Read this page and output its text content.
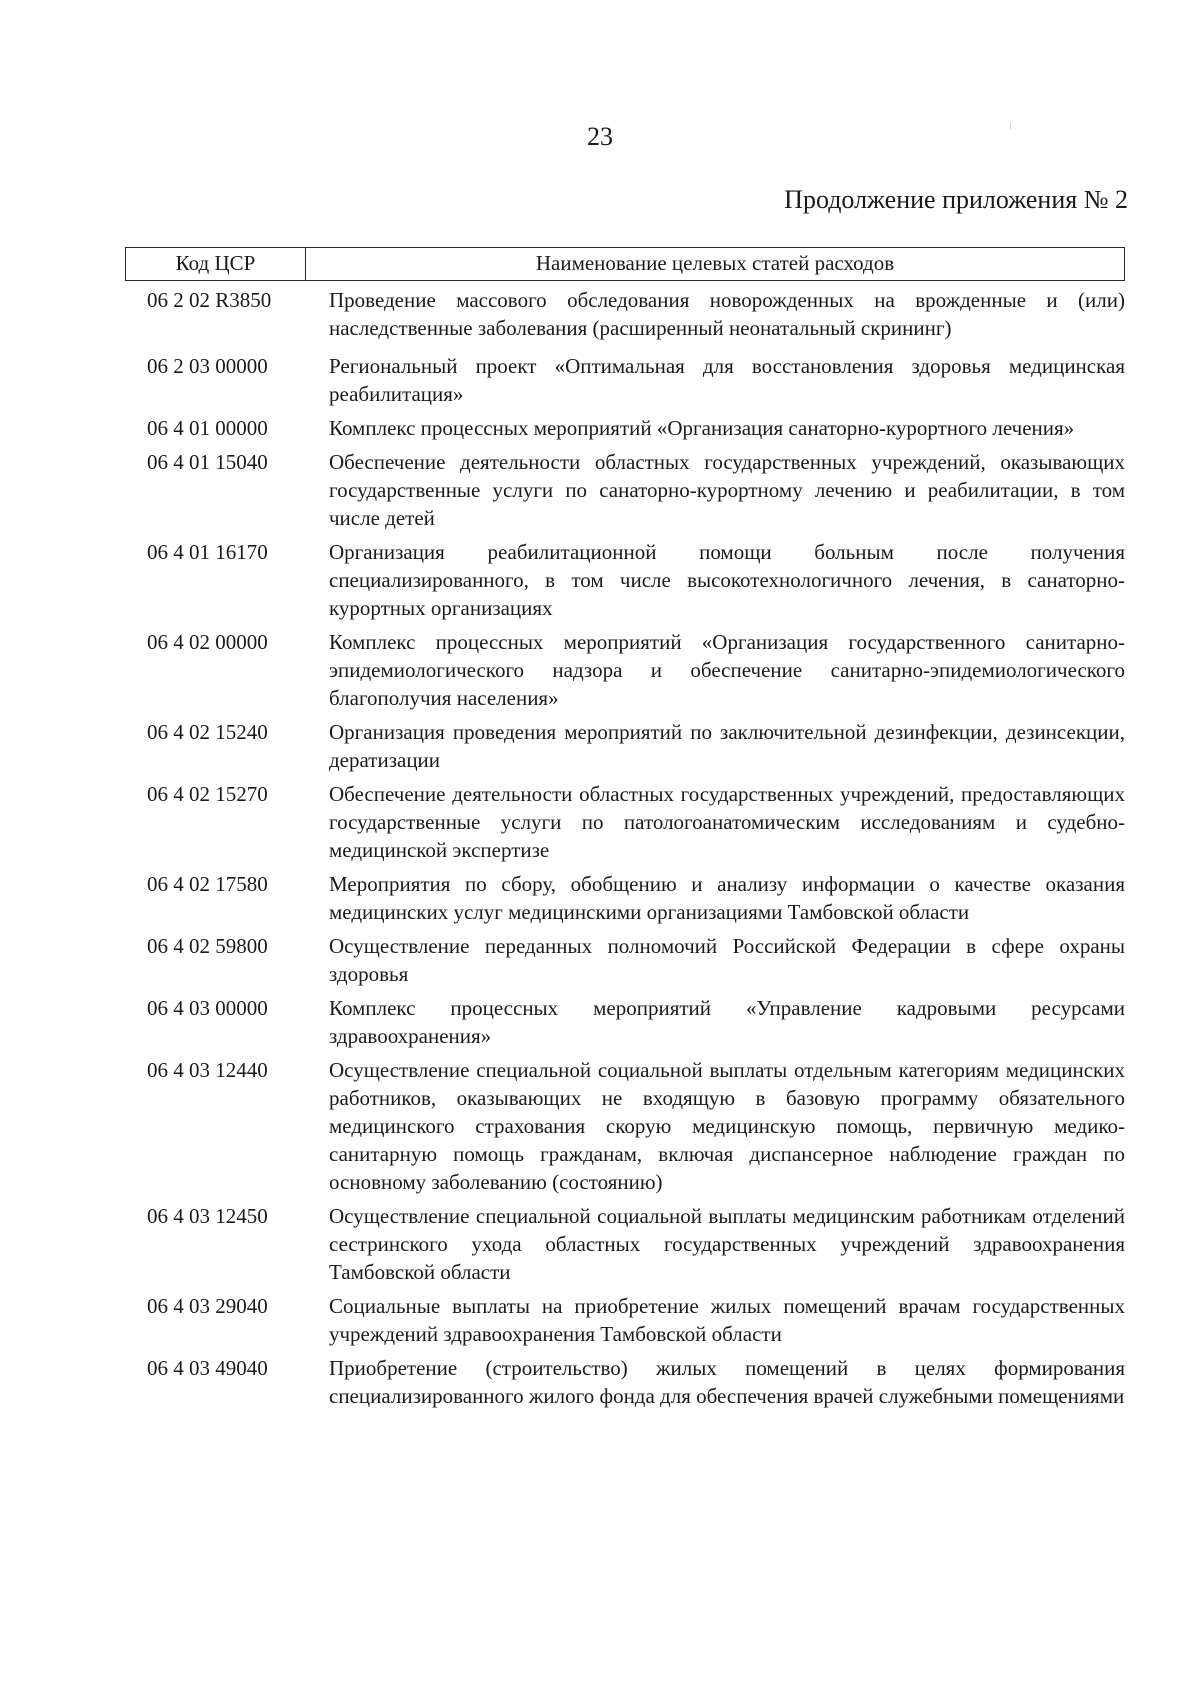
23
Продолжение приложения № 2
Код ЦСР	Наименование целевых статей расходов
06 2 02 R3850	Проведение массового обследования новорожденных на врожденные и (или) наследственные заболевания (расширенный неонатальный скрининг)
06 2 03 00000	Региональный проект «Оптимальная для восстановления здоровья медицинская реабилитация»
06 4 01 00000	Комплекс процессных мероприятий «Организация санаторно-курортного лечения»
06 4 01 15040	Обеспечение деятельности областных государственных учреждений, оказывающих государственные услуги по санаторно-курортному лечению и реабилитации, в том числе детей
06 4 01 16170	Организация реабилитационной помощи больным после получения специализированного, в том числе высокотехнологичного лечения, в санаторно-курортных организациях
06 4 02 00000	Комплекс процессных мероприятий «Организация государственного санитарно-эпидемиологического надзора и обеспечение санитарно-эпидемиологического благополучия населения»
06 4 02 15240	Организация проведения мероприятий по заключительной дезинфекции, дезинсекции, дератизации
06 4 02 15270	Обеспечение деятельности областных государственных учреждений, предоставляющих государственные услуги по патологоанатомическим исследованиям и судебно-медицинской экспертизе
06 4 02 17580	Мероприятия по сбору, обобщению и анализу информации о качестве оказания медицинских услуг медицинскими организациями Тамбовской области
06 4 02 59800	Осуществление переданных полномочий Российской Федерации в сфере охраны здоровья
06 4 03 00000	Комплекс процессных мероприятий «Управление кадровыми ресурсами здравоохранения»
06 4 03 12440	Осуществление специальной социальной выплаты отдельным категориям медицинских работников, оказывающих не входящую в базовую программу обязательного медицинского страхования скорую медицинскую помощь, первичную медико-санитарную помощь гражданам, включая диспансерное наблюдение граждан по основному заболеванию (состоянию)
06 4 03 12450	Осуществление специальной социальной выплаты медицинским работникам отделений сестринского ухода областных государственных учреждений здравоохранения Тамбовской области
06 4 03 29040	Социальные выплаты на приобретение жилых помещений врачам государственных учреждений здравоохранения Тамбовской области
06 4 03 49040	Приобретение (строительство) жилых помещений в целях формирования специализированного жилого фонда для обеспечения врачей служебными помещениями
